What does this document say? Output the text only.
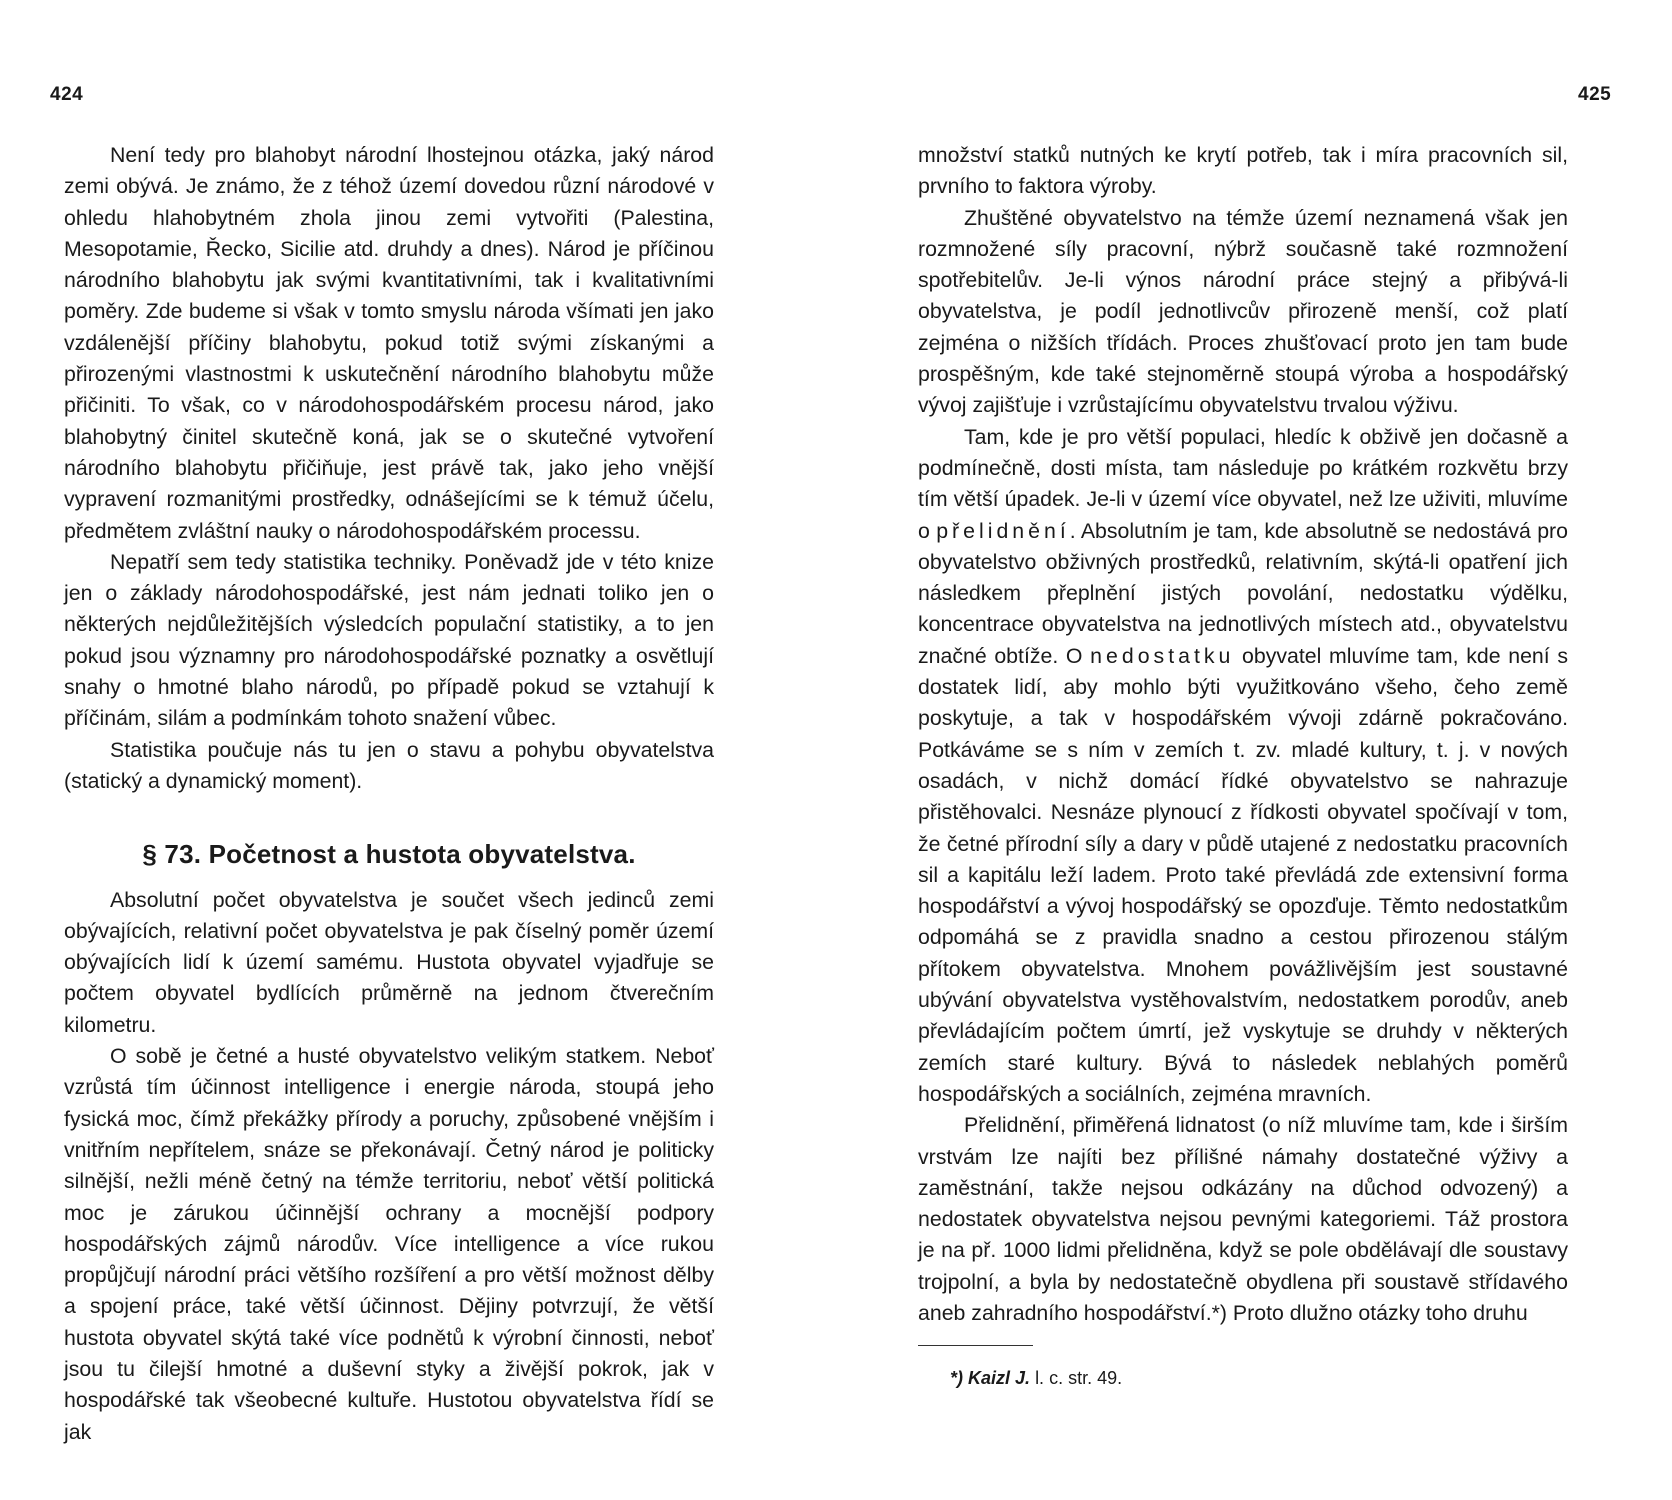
424

Není tedy pro blahobyt národní lhostejnou otázka, jaký národ zemi obývá. Je známo, že z téhož území dovedou různí národové v ohledu hlahobytném zhola jinou zemi vytvořiti (Palestina, Mesopotamie, Řecko, Sicilie atd. druhdy a dnes). Národ je příčinou národního blahobytu jak svými kvantitativními, tak i kvalitativními poměry. Zde budeme si však v tomto smyslu národa všímati jen jako vzdálenější příčiny blahobytu, pokud totiž svými získanými a přirozenými vlastnostmi k uskutečnění národního blahobytu může přičiniti. To však, co v národohospodářském procesu národ, jako blahobytný činitel skutečně koná, jak se o skutečné vytvoření národního blahobytu přičiňuje, jest právě tak, jako jeho vnější vypravení rozmanitými prostředky, odnášejícími se k témuž účelu, předmětem zvláštní nauky o národohospodářském processu.

Nepatří sem tedy statistika techniky. Poněvadž jde v této knize jen o základy národohospodářské, jest nám jednati toliko jen o některých nejdůležitějších výsledcích populační statistiky, a to jen pokud jsou významny pro národohospodářské poznatky a osvětlují snahy o hmotné blaho národů, po případě pokud se vztahují k příčinám, silám a podmínkám tohoto snažení vůbec.

Statistika poučuje nás tu jen o stavu a pohybu obyvatelstva (statický a dynamický moment).

§ 73. Početnost a hustota obyvatelstva.

Absolutní počet obyvatelstva je součet všech jedinců zemi obývajících, relativní počet obyvatelstva je pak číselný poměr území obývajících lidí k území samému. Hustota obyvatel vyjadřuje se počtem obyvatel bydlících průměrně na jednom čtverečním kilometru.

O sobě je četné a husté obyvatelstvo velikým statkem. Neboť vzrůstá tím účinnost intelligence i energie národa, stoupá jeho fysická moc, čímž překážky přírody a poruchy, způsobené vnějším i vnitřním nepřítelem, snáze se překonávají. Četný národ je politicky silnější, nežli méně četný na témže territoriu, neboť větší politická moc je zárukou účinnější ochrany a mocnější podpory hospodářských zájmů národův. Více intelligence a více rukou propůjčují národní práci většího rozšíření a pro větší možnost dělby a spojení práce, také větší účinnost. Dějiny potvrzují, že větší hustota obyvatel skýtá také více podnětů k výrobní činnosti, neboť jsou tu čilejší hmotné a duševní styky a živější pokrok, jak v hospodářské tak všeobecné kultuře. Hustotou obyvatelstva řídí se jak

425

množství statků nutných ke krytí potřeb, tak i míra pracovních sil, prvního to faktora výroby.

Zhuštěné obyvatelstvo na témže území neznamená však jen rozmnožené síly pracovní, nýbrž současně také rozmnožení spotřebitelův. Je-li výnos národní práce stejný a přibývá-li obyvatelstva, je podíl jednotlivcův přirozeně menší, což platí zejména o nižších třídách. Proces zhušťovací proto jen tam bude prospěšným, kde také stejnoměrně stoupá výroba a hospodářský vývoj zajišťuje i vzrůstajícímu obyvatelstvu trvalou výživu.

Tam, kde je pro větší populaci, hledíc k obživě jen dočasně a podmínečně, dosti místa, tam následuje po krátkém rozkvětu brzy tím větší úpadek. Je-li v území více obyvatel, než lze uživiti, mluvíme o přelidnění. Absolutním je tam, kde absolutně se nedostává pro obyvatelstvo obživných prostředků, relativním, skýtá-li opatření jich následkem přeplnění jistých povolání, nedostatku výdělku, koncentrace obyvatelstva na jednotlivých místech atd., obyvatelstvu značné obtíže. O nedostatku obyvatel mluvíme tam, kde není s dostatek lidí, aby mohlo býti využitkováno všeho, čeho země poskytuje, a tak v hospodářském vývoji zdárně pokračováno. Potkáváme se s ním v zemích t. zv. mladé kultury, t. j. v nových osadách, v nichž domácí řídké obyvatelstvo se nahrazuje přistěhovalci. Nesnáze plynoucí z řídkosti obyvatel spočívají v tom, že četné přírodní síly a dary v půdě utajené z nedostatku pracovních sil a kapitálu leží ladem. Proto také převládá zde extensivní forma hospodářství a vývoj hospodářský se opozďuje. Těmto nedostatkům odpomáhá se z pravidla snadno a cestou přirozenou stálým přítokem obyvatelstva. Mnohem povážlivějším jest soustavné ubývání obyvatelstva vystěhovalstvím, nedostatkem porodův, aneb převládajícím počtem úmrtí, jež vyskytuje se druhdy v některých zemích staré kultury. Bývá to následek neblahých poměrů hospodářských a sociálních, zejména mravních.

Přelidnění, přiměřená lidnatost (o níž mluvíme tam, kde i širším vrstvám lze najíti bez přílišné námahy dostatečné výživy a zaměstnání, takže nejsou odkázány na důchod odvozený) a nedostatek obyvatelstva nejsou pevnými kategoriemi. Táž prostora je na př. 1000 lidmi přelidněna, když se pole obdělávají dle soustavy trojpolní, a byla by nedostatečně obydlena při soustavě střídavého aneb zahradního hospodářství.*) Proto dlužno otázky toho druhu

*) Kaizl J. l. c. str. 49.
